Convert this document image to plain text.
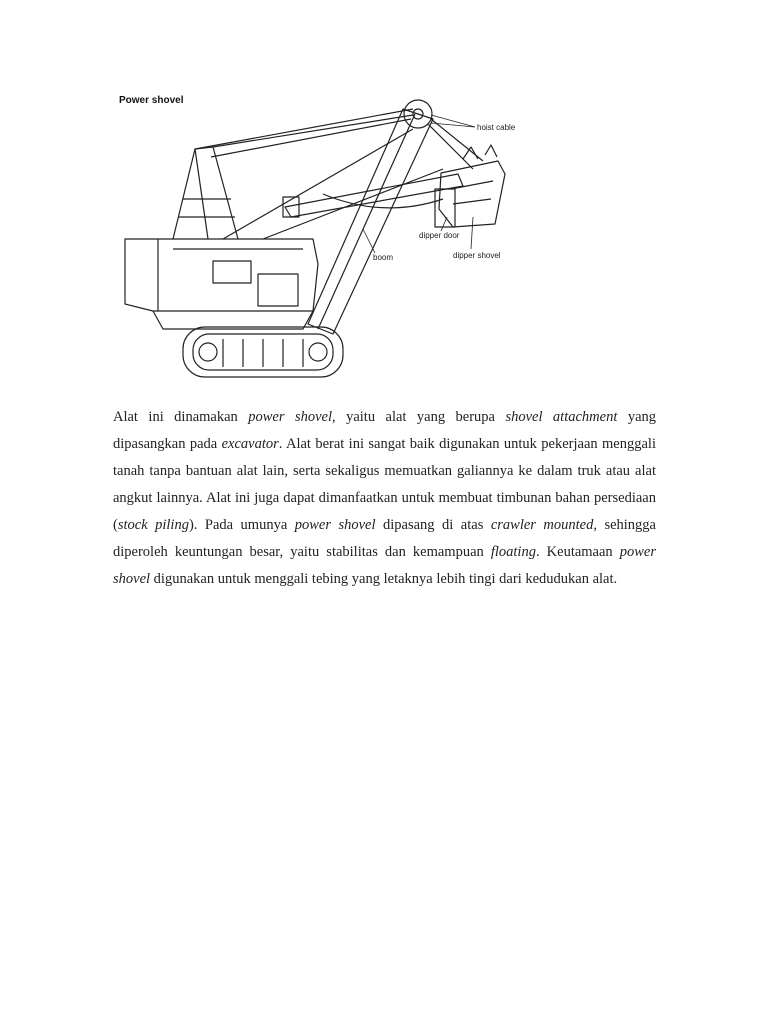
Power shovel
hoist cable
dipper door
boom	dipper shovel

Alat ini dinamakan power shovel, yaitu alat yang berupa shovel attachment yang dipasangkan pada excavator. Alat berat ini sangat baik digunakan untuk pekerjaan menggali tanah tanpa bantuan alat lain, serta sekaligus memuatkan galiannya ke dalam truk atau alat angkut lainnya. Alat ini juga dapat dimanfaatkan untuk membuat timbunan bahan persediaan (stock piling). Pada umunya power shovel dipasang di atas crawler mounted, sehingga diperoleh keuntungan besar, yaitu stabilitas dan kemampuan floating. Keutamaan power shovel digunakan untuk menggali tebing yang letaknya lebih tingi dari kedudukan alat.
